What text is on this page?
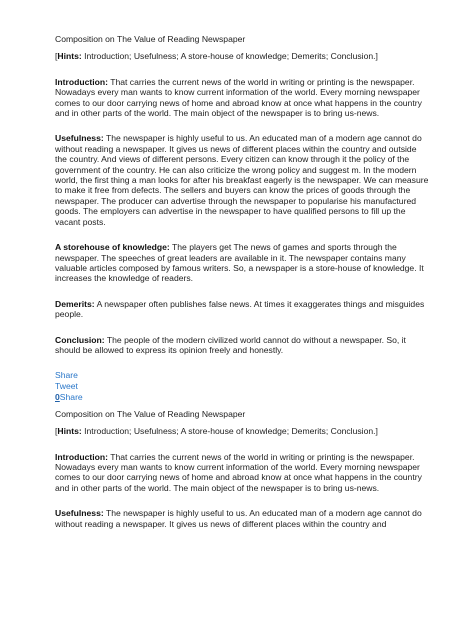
Composition on The Value of Reading Newspaper

[Hints: Introduction; Usefulness; A store-house of knowledge; Demerits; Conclusion.]

Introduction: That carries the current news of the world in writing or printing is the newspaper. Nowadays every man wants to know current information of the world. Every morning newspaper comes to our door carrying news of home and abroad know at once what happens in the country and in other parts of the world. The main object of the newspaper is to bring us-news.

Usefulness: The newspaper is highly useful to us. An educated man of a modern age cannot do without reading a newspaper. It gives us news of different places within the country and outside the country. And views of different persons. Every citizen can know through it the policy of the government of the country. He can also criticize the wrong policy and suggest m. In the modern world, the first thing a man looks for after his breakfast eagerly is the newspaper. We can measure to make it free from defects. The sellers and buyers can know the prices of goods through the newspaper. The producer can advertise through the newspaper to popularise his manufactured goods. The employers can advertise in the newspaper to have qualified persons to fill up the vacant posts.

A storehouse of knowledge: The players get The news of games and sports through the newspaper. The speeches of great leaders are available in it. The newspaper contains many valuable articles composed by famous writers. So, a newspaper is a store-house of knowledge. It increases the knowledge of readers.

Demerits: A newspaper often publishes false news. At times it exaggerates things and misguides people.

Conclusion: The people of the modern civilized world cannot do without a newspaper. So, it should be allowed to express its opinion freely and honestly.

Share
Tweet
0Share

Composition on The Value of Reading Newspaper

[Hints: Introduction; Usefulness; A store-house of knowledge; Demerits; Conclusion.]

Introduction: That carries the current news of the world in writing or printing is the newspaper. Nowadays every man wants to know current information of the world. Every morning newspaper comes to our door carrying news of home and abroad know at once what happens in the country and in other parts of the world. The main object of the newspaper is to bring us-news.

Usefulness: The newspaper is highly useful to us. An educated man of a modern age cannot do without reading a newspaper. It gives us news of different places within the country and
